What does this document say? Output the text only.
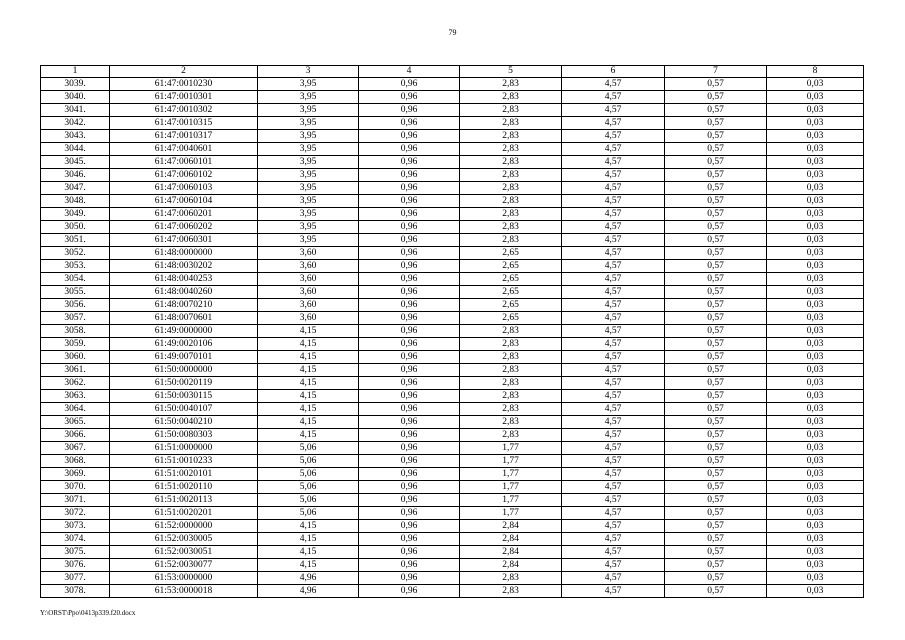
79
1	2	3	4	5	6	7	8
3039.	61:47:0010230	3,95	0,96	2,83	4,57	0,57	0,03
3040.	61:47:0010301	3,95	0,96	2,83	4,57	0,57	0,03
3041.	61:47:0010302	3,95	0,96	2,83	4,57	0,57	0,03
3042.	61:47:0010315	3,95	0,96	2,83	4,57	0,57	0,03
3043.	61:47:0010317	3,95	0,96	2,83	4,57	0,57	0,03
3044.	61:47:0040601	3,95	0,96	2,83	4,57	0,57	0,03
3045.	61:47:0060101	3,95	0,96	2,83	4,57	0,57	0,03
3046.	61:47:0060102	3,95	0,96	2,83	4,57	0,57	0,03
3047.	61:47:0060103	3,95	0,96	2,83	4,57	0,57	0,03
3048.	61:47:0060104	3,95	0,96	2,83	4,57	0,57	0,03
3049.	61:47:0060201	3,95	0,96	2,83	4,57	0,57	0,03
3050.	61:47:0060202	3,95	0,96	2,83	4,57	0,57	0,03
3051.	61:47:0060301	3,95	0,96	2,83	4,57	0,57	0,03
3052.	61:48:0000000	3,60	0,96	2,65	4,57	0,57	0,03
3053.	61:48:0030202	3,60	0,96	2,65	4,57	0,57	0,03
3054.	61:48:0040253	3,60	0,96	2,65	4,57	0,57	0,03
3055.	61:48:0040260	3,60	0,96	2,65	4,57	0,57	0,03
3056.	61:48:0070210	3,60	0,96	2,65	4,57	0,57	0,03
3057.	61:48:0070601	3,60	0,96	2,65	4,57	0,57	0,03
3058.	61:49:0000000	4,15	0,96	2,83	4,57	0,57	0,03
3059.	61:49:0020106	4,15	0,96	2,83	4,57	0,57	0,03
3060.	61:49:0070101	4,15	0,96	2,83	4,57	0,57	0,03
3061.	61:50:0000000	4,15	0,96	2,83	4,57	0,57	0,03
3062.	61:50:0020119	4,15	0,96	2,83	4,57	0,57	0,03
3063.	61:50:0030115	4,15	0,96	2,83	4,57	0,57	0,03
3064.	61:50:0040107	4,15	0,96	2,83	4,57	0,57	0,03
3065.	61:50:0040210	4,15	0,96	2,83	4,57	0,57	0,03
3066.	61:50:0080303	4,15	0,96	2,83	4,57	0,57	0,03
3067.	61:51:0000000	5,06	0,96	1,77	4,57	0,57	0,03
3068.	61:51:0010233	5,06	0,96	1,77	4,57	0,57	0,03
3069.	61:51:0020101	5,06	0,96	1,77	4,57	0,57	0,03
3070.	61:51:0020110	5,06	0,96	1,77	4,57	0,57	0,03
3071.	61:51:0020113	5,06	0,96	1,77	4,57	0,57	0,03
3072.	61:51:0020201	5,06	0,96	1,77	4,57	0,57	0,03
3073.	61:52:0000000	4,15	0,96	2,84	4,57	0,57	0,03
3074.	61:52:0030005	4,15	0,96	2,84	4,57	0,57	0,03
3075.	61:52:0030051	4,15	0,96	2,84	4,57	0,57	0,03
3076.	61:52:0030077	4,15	0,96	2,84	4,57	0,57	0,03
3077.	61:53:0000000	4,96	0,96	2,83	4,57	0,57	0,03
3078.	61:53:0000018	4,96	0,96	2,83	4,57	0,57	0,03
Y:\ORST\Ppo\0413p339.f20.docx
